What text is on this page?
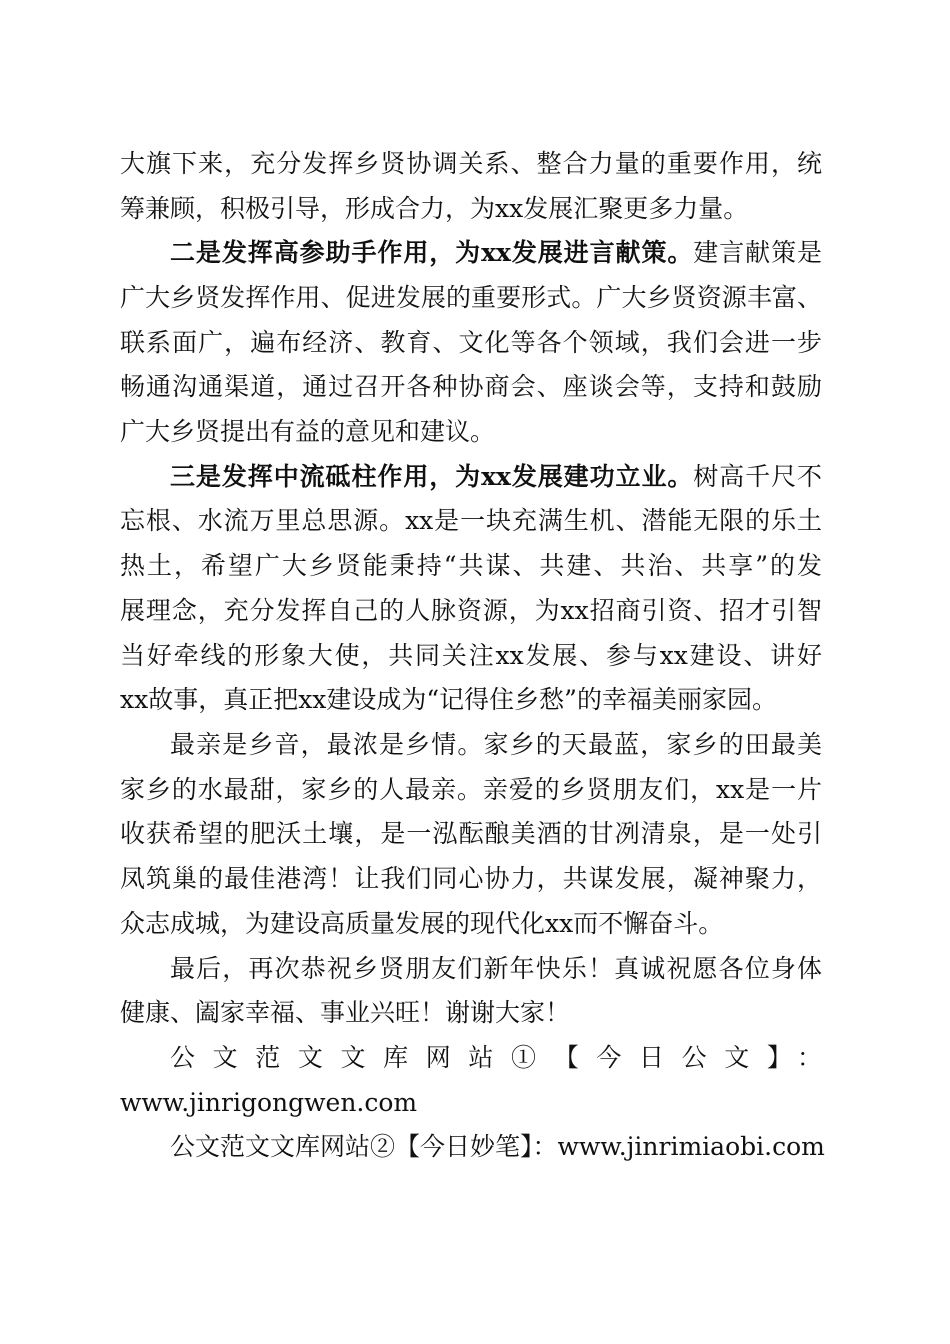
大旗下来，充分发挥乡贤协调关系、整合力量的重要作用，统
筹兼顾，积极引导，形成合力，为xx发展汇聚更多力量。
二是发挥高参助手作用，为xx发展进言献策。建言献策是
广大乡贤发挥作用、促进发展的重要形式。广大乡贤资源丰富、
联系面广，遍布经济、教育、文化等各个领域，我们会进一步
畅通沟通渠道，通过召开各种协商会、座谈会等，支持和鼓励
广大乡贤提出有益的意见和建议。
三是发挥中流砥柱作用，为xx发展建功立业。树高千尺不
忘根、水流万里总思源。xx是一块充满生机、潜能无限的乐土
热土，希望广大乡贤能秉持“共谋、共建、共治、共享”的发
展理念，充分发挥自己的人脉资源，为xx招商引资、招才引智
当好牵线的形象大使，共同关注xx发展、参与xx建设、讲好
xx故事，真正把xx建设成为“记得住乡愁”的幸福美丽家园。
最亲是乡音，最浓是乡情。家乡的天最蓝，家乡的田最美
家乡的水最甜，家乡的人最亲。亲爱的乡贤朋友们，xx是一片
收获希望的肥沃土壤，是一泓酝酿美酒的甘冽清泉，是一处引
凤筑巢的最佳港湾！让我们同心协力，共谋发展，凝神聚力，
众志成城，为建设高质量发展的现代化xx而不懈奋斗。
最后，再次恭祝乡贤朋友们新年快乐！真诚祝愿各位身体
健康、阖家幸福、事业兴旺！谢谢大家！
公文范文文库网站①【今日公文】：
www.jinrigongwen.com
公文范文文库网站②【今日妙笔】：www.jinrimiaobi.com
